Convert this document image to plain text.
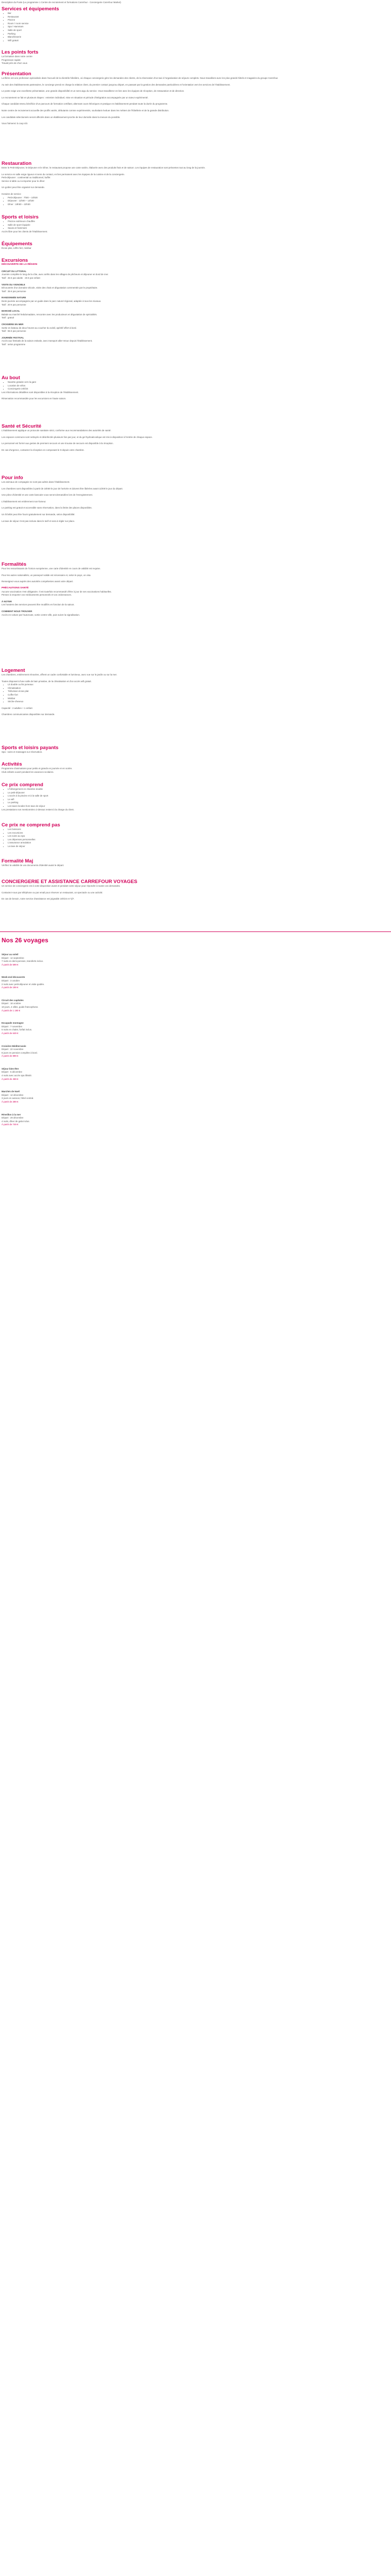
Description du Poste (Le programme 1 Centre de recrutement et formations Carrefour - Conciergerie Carrefour Market)

Services et équipements
▪ Bar
▪ Restaurant
▪ Piscine
▪ Room / room service
▪ Spa / Hammam
▪ Salle de sport
▪ Parking
▪ Blanchisserie
▪ Wifi gratuit
Les points forts

La formation dans notre centre

Progression rapide

Travail près de chez vous

Présentation

La filière est une profession spécialisée dans l'accueil de la clientèle hôtelière, où chaque conciergerie gère les demandes des clients, de la réservation d'un taxi à l'organisation de séjours complets. Nous travaillons avec les plus grands hôtels et magasins du groupe Carrefour.

Au sein des établissements partenaires, le concierge prend en charge la relation client, du premier contact jusqu'au départ, en passant par la gestion des demandes particulières et l'orientation vers les services de l'établissement.

Le poste exige une excellente présentation, une grande disponibilité et un sens aigu du service. Vous travaillerez en lien avec les équipes de réception, de restauration et de direction.

Le recrutement se fait en plusieurs étapes : entretien individuel, mise en situation et période d'intégration accompagnée par un tuteur expérimenté.

Chaque candidat retenu bénéficie d'un parcours de formation certifiant, alternant cours théoriques et pratique en établissement pendant toute la durée du programme.

Notre centre de recrutement accueille des profils variés, débutants comme expérimentés, souhaitant évoluer dans les métiers de l'hôtellerie et de la grande distribution.

Les candidats sélectionnés seront affectés dans un établissement proche de leur domicile dans la mesure du possible.

Vous l'aimerez à coup sûr.

Restauration

Entre le Petit-Déjeuner, le Déjeuner et le Dîner, le restaurant propose une carte variée, élaborée avec des produits frais et de saison. Les équipes de restauration sont présentes tout au long de la journée.

Le service en salle exige rigueur et sens du contact, en lien permanent avec les équipes de la cuisine et de la conciergerie.

Petit-déjeuner : continental ou traditionnel, buffet

Service à table ou à emporter pour le dîner

Un goûter peut être organisé sur demande.

Horaires de service

▪ Petit-déjeuner : 7h00 – 10h30
▪ Déjeuner : 12h00 – 14h30
▪ Dîner : 19h00 – 22h30
Sports et loisirs
▪ Piscine extérieure chauffée
▪ Salle de sport équipée
▪ Sauna et hammam

Accès libre pour les clients de l'établissement.

Équipements

Écran plat, coffre-fort, minibar

Excursions

DÉCOUVERTE DE LA RÉGION

CIRCUIT DU LITTORAL

Journée complète le long de la côte, avec arrêts dans les villages de pêcheurs et déjeuner en bord de mer.

Tarif : 45 € par adulte · 25 € par enfant

VISITE DU VIGNOBLE

Découverte d'un domaine viticole, visite des chais et dégustation commentée par le propriétaire.

Tarif : 35 € par personne

RANDONNÉE NATURE

Demi-journée accompagnée par un guide dans le parc naturel régional, adaptée à tous les niveaux.

Tarif : 20 € par personne

MARCHÉ LOCAL

Balade au marché hebdomadaire, rencontre avec les producteurs et dégustation de spécialités.

Tarif : gratuit

CROISIÈRE EN MER

Sortie en bateau de deux heures au coucher du soleil, apéritif offert à bord.

Tarif : 55 € par personne

JOURNÉE FESTIVAL

Accès aux festivals de la saison estivale, avec transport aller-retour depuis l'établissement.

Tarif : selon programme

Au bout
▪ Navette gratuite vers la gare
▪ Location de vélos
▪ Conciergerie 24h/24

Les informations détaillées sont disponibles à la réception de l'établissement.

Réservation recommandée pour les excursions en haute saison.

Santé et Sécurité

L'établissement applique un protocole sanitaire strict, conforme aux recommandations des autorités de santé.

Les espaces communs sont nettoyés et désinfectés plusieurs fois par jour, et du gel hydroalcoolique est mis à disposition à l'entrée de chaque espace.

Le personnel est formé aux gestes de premiers secours et une trousse de secours est disponible à la réception.

En cas d'urgence, contactez la réception en composant le 9 depuis votre chambre.

Pour info

Les animaux de compagnie ne sont pas admis dans l'établissement.

Les chambres sont disponibles à partir de 15h00 le jour de l'arrivée et doivent être libérées avant 11h00 le jour du départ.

Une pièce d'identité et une carte bancaire vous seront demandées lors de l'enregistrement.

L'établissement est entièrement non-fumeur.

Le parking est gratuit et accessible sans réservation, dans la limite des places disponibles.

Un lit bébé peut être fourni gratuitement sur demande, selon disponibilité.

La taxe de séjour n'est pas incluse dans le tarif et sera à régler sur place.

Formalités

Pour les ressortissants de l'Union européenne, une carte d'identité en cours de validité est requise.

Pour les autres nationalités, un passeport valide est nécessaire et, selon le pays, un visa.

Renseignez-vous auprès des autorités compétentes avant votre départ.

PRÉCAUTIONS SANTÉ

Aucune vaccination n'est obligatoire. Il est toutefois recommandé d'être à jour de ses vaccinations habituelles.

Pensez à emporter vos médicaments personnels et vos ordonnances.

À NOTER

Les horaires des services peuvent être modifiés en fonction de la saison.

COMMENT NOUS TROUVER

Accès en voiture par l'autoroute, sortie centre-ville, puis suivre la signalisation.

Logement

Les chambres, entièrement rénovées, offrent un cadre confortable et lumineux, avec vue sur le jardin ou sur la mer.

Toutes disposent d'une salle de bain privative, de la climatisation et d'un accès wifi gratuit.

▪ Lit double ou lits jumeaux
▪ Climatisation
▪ Télévision écran plat
▪ Coffre-fort
▪ Minibar
▪ Sèche-cheveux

Capacité : 2 adultes + 1 enfant

Chambres communicantes disponibles sur demande.

Sports et loisirs payants

Spa : soins et massages sur réservation.

Activités

Programme d'animations pour petits et grands en journée et en soirée.

Club enfants ouvert pendant les vacances scolaires.

Ce prix comprend
▪ L'hébergement en chambre double
▪ Le petit-déjeuner
▪ L'accès à la piscine et à la salle de sport
▪ Le wifi
▪ Le parking
▪ Les taxes locales hors taxe de séjour

Les prestations non mentionnées ci-dessus restent à la charge du client.

Ce prix ne comprend pas
▪ Les boissons
▪ Les excursions
▪ Les soins au spa
▪ Les dépenses personnelles
▪ L'assurance annulation
▪ La taxe de séjour
Formalité Maj

Vérifiez la validité de vos documents d'identité avant le départ.

CONCIERGERIE ET ASSISTANCE CARREFOUR VOYAGES

Un service de conciergerie est à votre disposition avant et pendant votre séjour pour répondre à toutes vos demandes.

Contactez-nous par téléphone ou par email pour réserver un restaurant, un spectacle ou une activité.

En cas de besoin, notre service d'assistance est joignable 24h/24 et 7j/7.

Nos 26 voyages

Séjour au soleil

Départ : 12 septembre

7 nuits en demi-pension, transferts inclus.

À partir de 599 €

Week-end découverte

Départ : 3 octobre

2 nuits avec petit-déjeuner et visite guidée.

À partir de 199 €

Circuit des capitales

Départ : 18 octobre

10 jours, 4 villes, guide francophone.

À partir de 1 190 €

Escapade montagne

Départ : 7 novembre

5 nuits en chalet, forfait inclus.

À partir de 649 €

Croisière Méditerranée

Départ : 22 novembre

8 jours en pension complète à bord.

À partir de 899 €

Séjour bien-être

Départ : 5 décembre

4 nuits avec accès spa illimité.

À partir de 459 €

Marchés de Noël

Départ : 12 décembre

3 jours en autocar, hôtel central.

À partir de 289 €

Réveillon à la mer

Départ : 29 décembre

4 nuits, dîner de gala inclus.

À partir de 749 €
